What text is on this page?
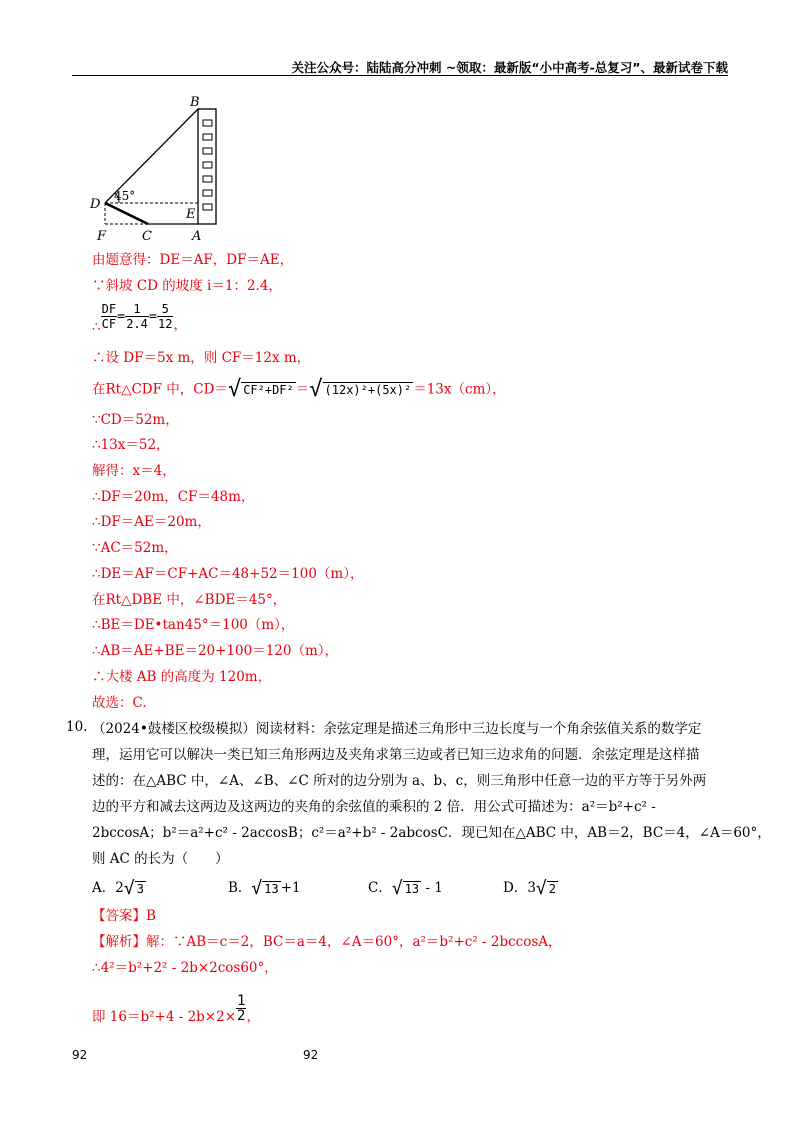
关注公众号：陆陆高分冲刺 ~领取：最新版“小中高考-总复习”、最新试卷下载
B
D
E
F	C	A
45°
由题意得：DE＝AF，DF＝AE，
∵斜坡 CD 的坡度 i＝1：2.4，
∴ $\frac{DF}{CF} = \frac{1}{2.4} = \frac{5}{12}$ ，
∴设 DF＝5x m，则 CF＝12x m，
在Rt△CDF 中，CD＝√ CF²+DF² ＝√ (12x)²+(5x)² ＝13x（cm），
∵CD＝52m，
∴13x＝52，
解得：x＝4，
∴DF＝20m，CF＝48m，
∴DF＝AE＝20m，
∵AC＝52m，
∴DE＝AF＝CF+AC＝48+52＝100（m），
在Rt△DBE 中，∠BDE＝45°，
∴BE＝DE•tan45°＝100（m），
∴AB＝AE+BE＝20+100＝120（m），
∴大楼 AB 的高度为 120m，
故选：C.
10. （2024•鼓楼区校级模拟）阅读材料：余弦定理是描述三角形中三边长度与一个角余弦值关系的数学定
理，运用它可以解决一类已知三角形两边及夹角求第三边或者已知三边求角的问题．余弦定理是这样描
述的：在△ABC 中，∠A、∠B、∠C 所对的边分别为 a、b、c，则三角形中任意一边的平方等于另外两
边的平方和减去这两边及这两边的夹角的余弦值的乘积的 2 倍．用公式可描述为：a²＝b²+c² -
2bccosA；b²＝a²+c² - 2accosB；c²＝a²+b² - 2abcosC．现已知在△ABC 中，AB＝2，BC＝4，∠A＝60°，
则 AC 的长为（　　）
A．2√ 3	B．√ 13 +1	C．√ 13 - 1	D．3√ 2
【答案】B
【解析】解：∵AB＝c＝2，BC＝a＝4，∠A＝60°，a²＝b²+c² - 2bccosA，
∴4²＝b²+2² - 2b×2cos60°，
即 $16=b^2+4 - 2b\times 2\times \frac{1}{2}$ ，
92	92
